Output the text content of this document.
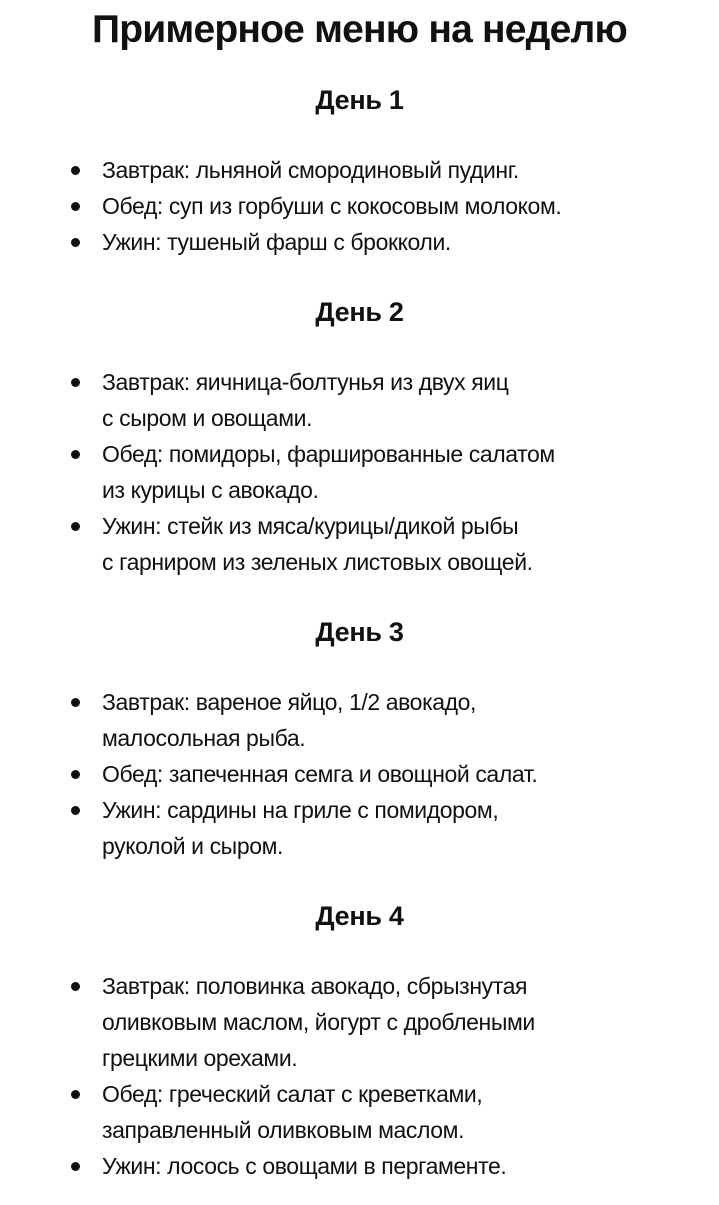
Примерное меню на неделю
День 1
Завтрак: льняной смородиновый пудинг.
Обед: суп из горбуши с кокосовым молоком.
Ужин: тушеный фарш с брокколи.
День 2
Завтрак: яичница-болтунья из двух яиц
с сыром и овощами.
Обед: помидоры, фаршированные салатом
из курицы с авокадо.
Ужин: стейк из мяса/курицы/дикой рыбы
с гарниром из зеленых листовых овощей.
День 3
Завтрак: вареное яйцо, 1/2 авокадо,
малосольная рыба.
Обед: запеченная семга и овощной салат.
Ужин: сардины на гриле с помидором,
руколой и сыром.
День 4
Завтрак: половинка авокадо, сбрызнутая
оливковым маслом, йогурт с дроблеными
грецкими орехами.
Обед: греческий салат с креветками,
заправленный оливковым маслом.
Ужин: лосось с овощами в пергаменте.
